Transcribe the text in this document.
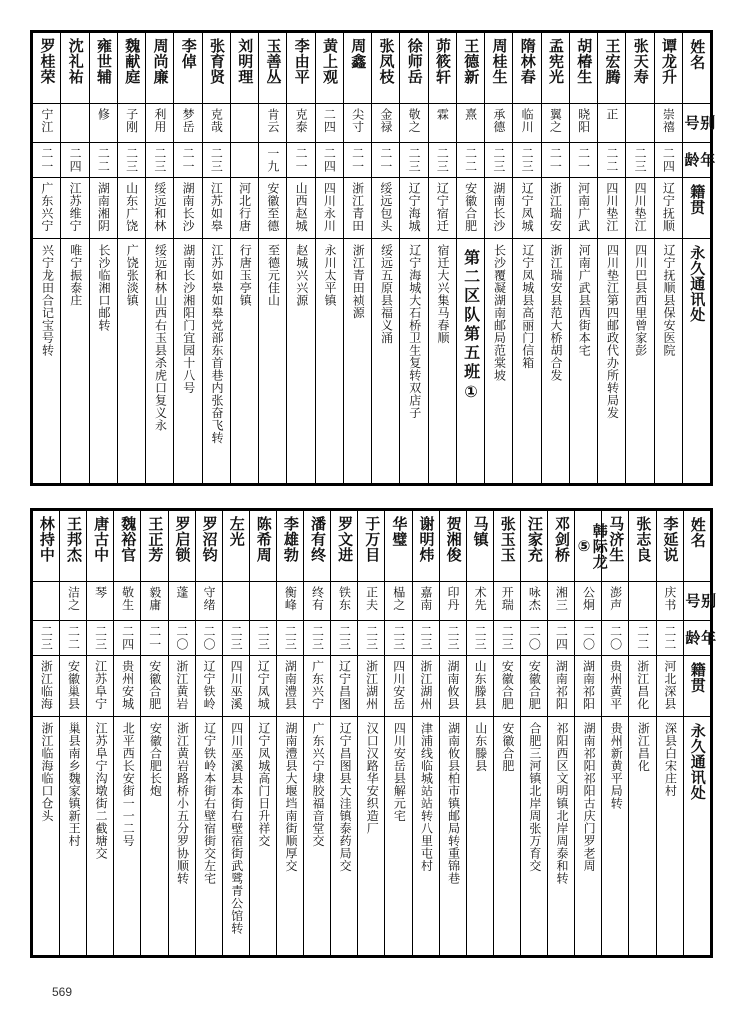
罗桂荣	沈礼祐	雍世辅	魏献庭	周尚廉	李倬	张育贤	刘明理	玉善丛	李由平	黄上观	周鑫	张凤枝	徐师岳	茆筱轩	王德新	周桂生	隋林春	孟宪光	胡椿生	王宏腾	张天寿	谭龙升	姓名

宁江		修	子刚	利用	梦岳	克哉		肯云	克泰	二四	尖寸	金禄	敬之	霖	熹	承德	临川	翼之	晓阳	正		崇禧	别号

二一	二四	二二	二三	二三	二一	二三		一九	二一	二四	二一	二一	二三	二三	二二	二三	二三	二一	二一	二二	二三	二四	年龄

广东兴宁	江苏维宁	湖南湘阴	山东广饶	绥远和林	湖南长沙	江苏如皋	河北行唐	安徽至德	山西赵城	四川永川	浙江青田	绥远包头	辽宁海城	辽宁宿迁	安徽合肥	湖南长沙	辽宁凤城	浙江瑞安	河南广武	四川垫江	四川垫江	辽宁抚顺	籍贯

兴宁龙田合记宝号转	唯宁振泰庄	长沙临湘口邮转	广饶张淡镇	绥远和林山西右玉县杀虎口复义永	湖南长沙湘阳门宜园十八号	江苏如皋如皋党部东首巷内张奋飞转	行唐玉亭镇	至德元佳山	赵城兴兴源	永川太平镇	浙江青田祯源	绥远五原县福义涌	辽宁海城大石桥卫生复转双店子	宿迁大兴集马春顺	第二区队第五班①	长沙覆凝湖南邮局范棠坡	辽宁凤城县高丽门信箱	浙江瑞安县范大桥胡合发	河南广武县西街本宅	四川垫江第四邮政代办所转局发	四川巴县西里曾家彭	辽宁抚顺县保安医院	永久通讯处
林持中	王邦杰	唐古中	魏裕官	王正芳	罗启锁	罗沼钧	左光	陈希周	李雄勃	潘有终	罗文进	于万目	华璧	谢明炜	贺湘俊	马镇	张玉玉	汪家充	邓剑桥	韩际龙⑤	马济生	张志良	李延说	姓名

	洁之	琴	敬生	毅庸	蓬	守绪			衡峰	终有	铁东	正夫	榀之	嘉南	印丹	术先	开瑞	咏杰	湘三	公炯	澎声		庆书	别号

二三	二二	二三	二四	二一	二〇	二〇	二三	二三	二三	二三	二三	二三	二三	二三	二三	二三	二三	二〇	二四	二〇	二〇	二二	二二	年龄

浙江临海	安徽巢县	江苏阜宁	贵州安城	安徽合肥	浙江黄岩	辽宁铁岭	四川巫溪	辽宁凤城	湖南澧县	广东兴宁	辽宁昌图	浙江湖州	四川安岳	浙江湖州	湖南攸县	山东滕县	安徽合肥	安徽合肥	湖南祁阳	湖南祁阳	贵州黄平	浙江昌化	河北深县	籍贯

浙江临海临口仓头	巢县南乡魏家镇新王村	江苏阜宁沟墩街二截塘交	北平西长安街一一二号	安徽合肥长炮	浙江黄岩路桥小五分罗协顺转	辽宁铁岭本街右壁宿街交左宅	四川巫溪县本街右壁宿街武骘青公馆转	辽宁凤城高门日升祥交	湖南澧县大堰垱南街顺厚交	广东兴宁埭胶福音堂交	辽宁昌图县大洼镇泰药局交	汉口汉路华安织造厂	四川安岳县解元宅	津浦线临城站站转八里屯村	湖南攸县柏市镇邮局转重锦巷	山东滕县	安徽合肥	合肥三河镇北岸周张万育交	祁阳西区文明镇北岸周泰和转	湖南祁阳祁阳古庆门罗老周	贵州新黄平局转	浙江昌化	深县白宋庄村	永久通讯处
569
